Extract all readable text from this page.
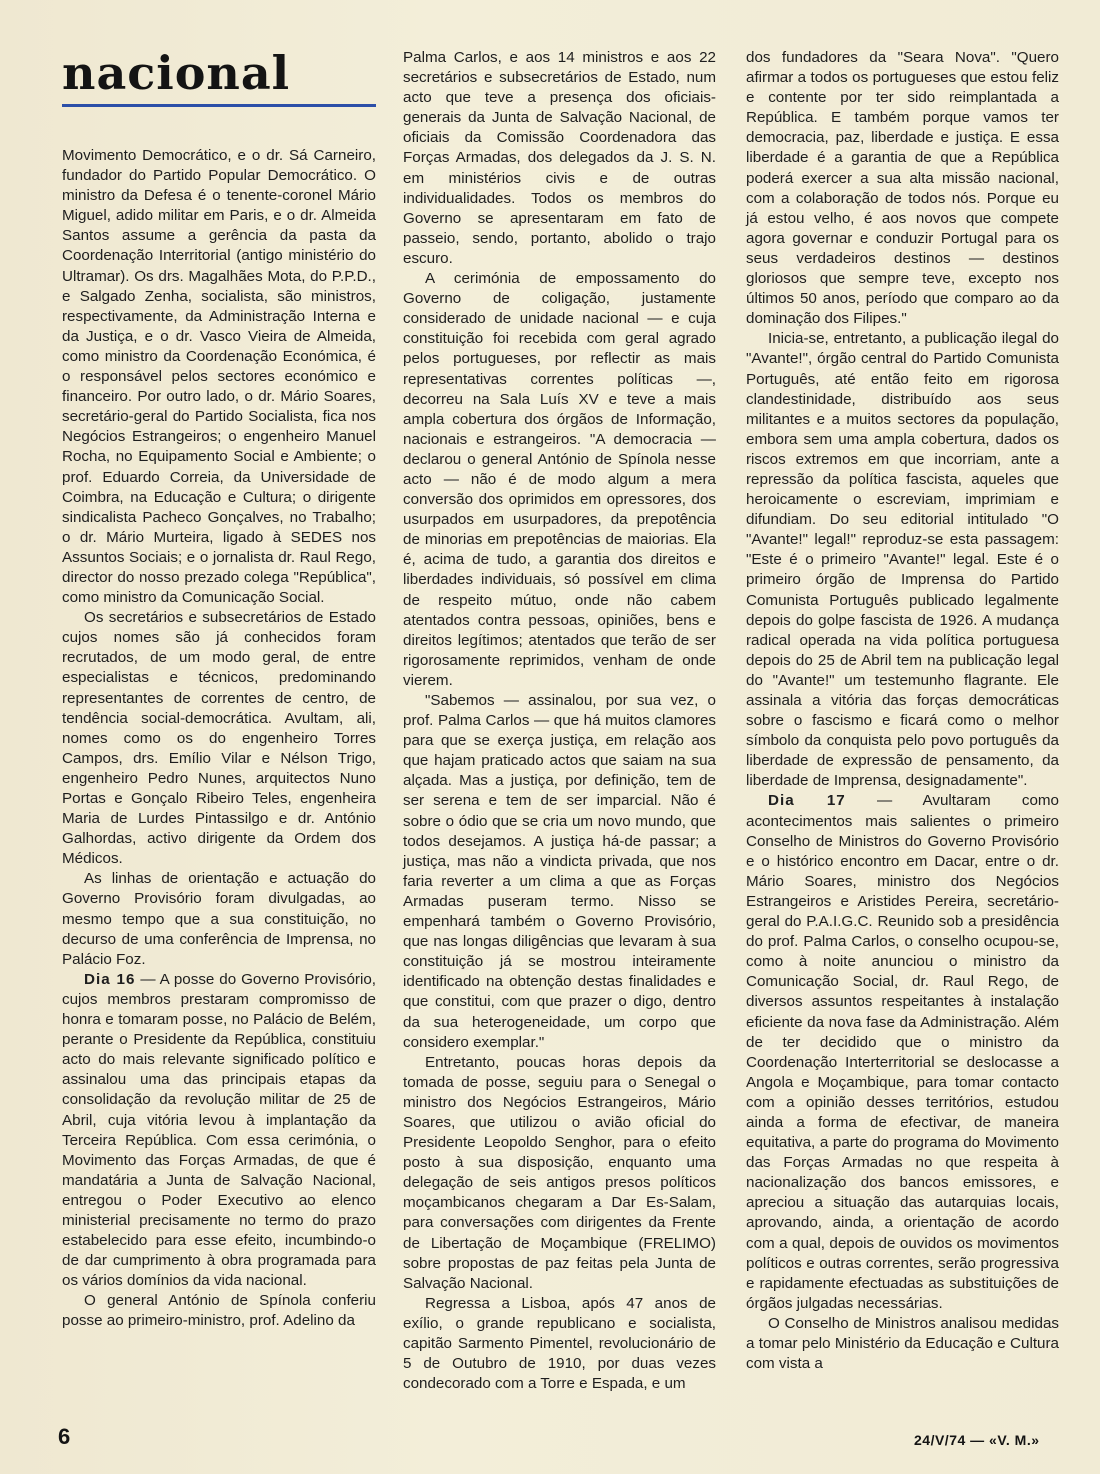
nacional

Movimento Democrático, e o dr. Sá Carneiro, fundador do Partido Popular Democrático. O ministro da Defesa é o tenente-coronel Mário Miguel, adido militar em Paris, e o dr. Almeida Santos assume a gerência da pasta da Coordenação Interritorial (antigo ministério do Ultramar). Os drs. Magalhães Mota, do P.P.D., e Salgado Zenha, socialista, são ministros, respectivamente, da Administração Interna e da Justiça, e o dr. Vasco Vieira de Almeida, como ministro da Coordenação Económica, é o responsável pelos sectores económico e financeiro. Por outro lado, o dr. Mário Soares, secretário-geral do Partido Socialista, fica nos Negócios Estrangeiros; o engenheiro Manuel Rocha, no Equipamento Social e Ambiente; o prof. Eduardo Correia, da Universidade de Coimbra, na Educação e Cultura; o dirigente sindicalista Pacheco Gonçalves, no Trabalho; o dr. Mário Murteira, ligado à SEDES nos Assuntos Sociais; e o jornalista dr. Raul Rego, director do nosso prezado colega "República", como ministro da Comunicação Social.

Os secretários e subsecretários de Estado cujos nomes são já conhecidos foram recrutados, de um modo geral, de entre especialistas e técnicos, predominando representantes de correntes de centro, de tendência social-democrática. Avultam, ali, nomes como os do engenheiro Torres Campos, drs. Emílio Vilar e Nélson Trigo, engenheiro Pedro Nunes, arquitectos Nuno Portas e Gonçalo Ribeiro Teles, engenheira Maria de Lurdes Pintassilgo e dr. António Galhordas, activo dirigente da Ordem dos Médicos.

As linhas de orientação e actuação do Governo Provisório foram divulgadas, ao mesmo tempo que a sua constituição, no decurso de uma conferência de Imprensa, no Palácio Foz.

Dia 16 — A posse do Governo Provisório, cujos membros prestaram compromisso de honra e tomaram posse, no Palácio de Belém, perante o Presidente da República, constituiu acto do mais relevante significado político e assinalou uma das principais etapas da consolidação da revolução militar de 25 de Abril, cuja vitória levou à implantação da Terceira República. Com essa cerimónia, o Movimento das Forças Armadas, de que é mandatária a Junta de Salvação Nacional, entregou o Poder Executivo ao elenco ministerial precisamente no termo do prazo estabelecido para esse efeito, incumbindo-o de dar cumprimento à obra programada para os vários domínios da vida nacional.

O general António de Spínola conferiu posse ao primeiro-ministro, prof. Adelino da

Palma Carlos, e aos 14 ministros e aos 22 secretários e subsecretários de Estado, num acto que teve a presença dos oficiais-generais da Junta de Salvação Nacional, de oficiais da Comissão Coordenadora das Forças Armadas, dos delegados da J. S. N. em ministérios civis e de outras individualidades. Todos os membros do Governo se apresentaram em fato de passeio, sendo, portanto, abolido o trajo escuro.

A cerimónia de empossamento do Governo de coligação, justamente considerado de unidade nacional — e cuja constituição foi recebida com geral agrado pelos portugueses, por reflectir as mais representativas correntes políticas —, decorreu na Sala Luís XV e teve a mais ampla cobertura dos órgãos de Informação, nacionais e estrangeiros. "A democracia — declarou o general António de Spínola nesse acto — não é de modo algum a mera conversão dos oprimidos em opressores, dos usurpados em usurpadores, da prepotência de minorias em prepotências de maiorias. Ela é, acima de tudo, a garantia dos direitos e liberdades individuais, só possível em clima de respeito mútuo, onde não cabem atentados contra pessoas, opiniões, bens e direitos legítimos; atentados que terão de ser rigorosamente reprimidos, venham de onde vierem.

"Sabemos — assinalou, por sua vez, o prof. Palma Carlos — que há muitos clamores para que se exerça justiça, em relação aos que hajam praticado actos que saiam na sua alçada. Mas a justiça, por definição, tem de ser serena e tem de ser imparcial. Não é sobre o ódio que se cria um novo mundo, que todos desejamos. A justiça há-de passar; a justiça, mas não a vindicta privada, que nos faria reverter a um clima a que as Forças Armadas puseram termo. Nisso se empenhará também o Governo Provisório, que nas longas diligências que levaram à sua constituição já se mostrou inteiramente identificado na obtenção destas finalidades e que constitui, com que prazer o digo, dentro da sua heterogeneidade, um corpo que considero exemplar."

Entretanto, poucas horas depois da tomada de posse, seguiu para o Senegal o ministro dos Negócios Estrangeiros, Mário Soares, que utilizou o avião oficial do Presidente Leopoldo Senghor, para o efeito posto à sua disposição, enquanto uma delegação de seis antigos presos políticos moçambicanos chegaram a Dar Es-Salam, para conversações com dirigentes da Frente de Libertação de Moçambique (FRELIMO) sobre propostas de paz feitas pela Junta de Salvação Nacional.

Regressa a Lisboa, após 47 anos de exílio, o grande republicano e socialista, capitão Sarmento Pimentel, revolucionário de 5 de Outubro de 1910, por duas vezes condecorado com a Torre e Espada, e um

dos fundadores da "Seara Nova". "Quero afirmar a todos os portugueses que estou feliz e contente por ter sido reimplantada a República. E também porque vamos ter democracia, paz, liberdade e justiça. E essa liberdade é a garantia de que a República poderá exercer a sua alta missão nacional, com a colaboração de todos nós. Porque eu já estou velho, é aos novos que compete agora governar e conduzir Portugal para os seus verdadeiros destinos — destinos gloriosos que sempre teve, excepto nos últimos 50 anos, período que comparo ao da dominação dos Filipes."

Inicia-se, entretanto, a publicação ilegal do "Avante!", órgão central do Partido Comunista Português, até então feito em rigorosa clandestinidade, distribuído aos seus militantes e a muitos sectores da população, embora sem uma ampla cobertura, dados os riscos extremos em que incorriam, ante a repressão da política fascista, aqueles que heroicamente o escreviam, imprimiam e difundiam. Do seu editorial intitulado "O "Avante!" legal!" reproduz-se esta passagem: "Este é o primeiro "Avante!" legal. Este é o primeiro órgão de Imprensa do Partido Comunista Português publicado legalmente depois do golpe fascista de 1926. A mudança radical operada na vida política portuguesa depois do 25 de Abril tem na publicação legal do "Avante!" um testemunho flagrante. Ele assinala a vitória das forças democráticas sobre o fascismo e ficará como o melhor símbolo da conquista pelo povo português da liberdade de expressão de pensamento, da liberdade de Imprensa, designadamente".

Dia 17 — Avultaram como acontecimentos mais salientes o primeiro Conselho de Ministros do Governo Provisório e o histórico encontro em Dacar, entre o dr. Mário Soares, ministro dos Negócios Estrangeiros e Aristides Pereira, secretário-geral do P.A.I.G.C. Reunido sob a presidência do prof. Palma Carlos, o conselho ocupou-se, como à noite anunciou o ministro da Comunicação Social, dr. Raul Rego, de diversos assuntos respeitantes à instalação eficiente da nova fase da Administração. Além de ter decidido que o ministro da Coordenação Interterritorial se deslocasse a Angola e Moçambique, para tomar contacto com a opinião desses territórios, estudou ainda a forma de efectivar, de maneira equitativa, a parte do programa do Movimento das Forças Armadas no que respeita à nacionalização dos bancos emissores, e apreciou a situação das autarquias locais, aprovando, ainda, a orientação de acordo com a qual, depois de ouvidos os movimentos políticos e outras correntes, serão progressiva e rapidamente efectuadas as substituições de órgãos julgadas necessárias.

O Conselho de Ministros analisou medidas a tomar pelo Ministério da Educação e Cultura com vista a

6	24/V/74 — «V. M.»
